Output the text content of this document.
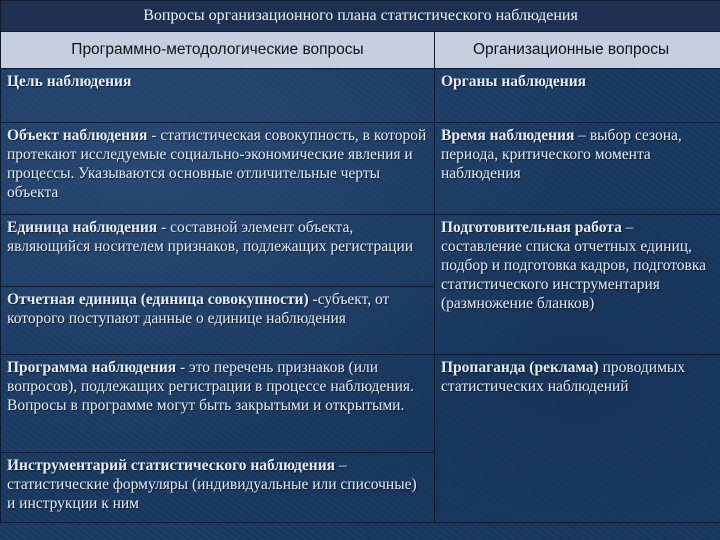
Вопросы организационного плана статистического наблюдения	
Программно-методологические вопросы	Организационные вопросы
Цель наблюдения	Органы наблюдения
Объект наблюдения - статистическая совокупность, в которой протекают исследуемые социально-экономические явления и процессы. Указываются основные отличительные черты объекта	Время наблюдения – выбор сезона, периода, критического момента наблюдения
Единица наблюдения - составной элемент объекта, являющийся носителем признаков, подлежащих регистрации	Подготовительная работа – составление списка отчетных единиц, подбор и подготовка кадров, подготовка статистического инструментария (размножение бланков)
Отчетная единица (единица совокупности) -субъект, от которого поступают данные о единице наблюдения	
Программа наблюдения - это перечень признаков (или вопросов), подлежащих регистрации в процессе наблюдения. Вопросы в программе могут быть закрытыми и открытыми.	Пропаганда (реклама) проводимых статистических наблюдений
Инструментарий статистического наблюдения – статистические формуляры (индивидуальные или списочные) и инструкции к ним	
